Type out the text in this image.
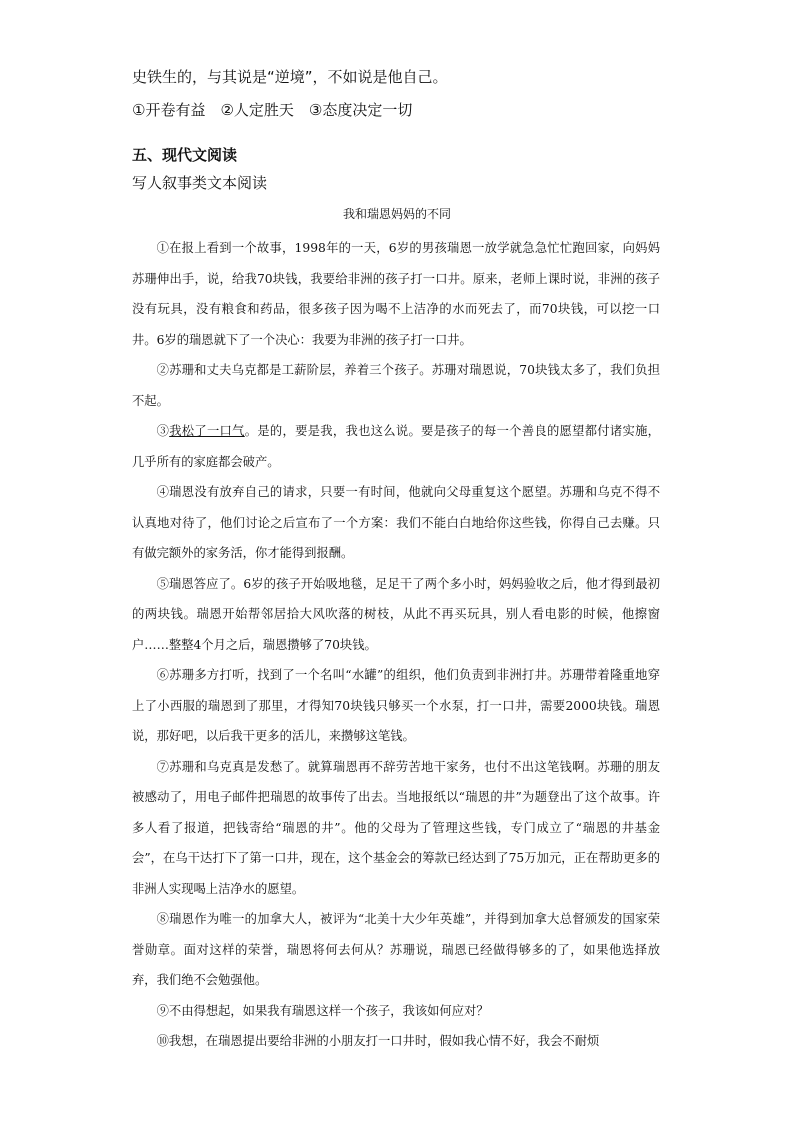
史铁生的，与其说是“逆境”，不如说是他自己。
①开卷有益　②人定胜天　③态度决定一切
五、现代文阅读
写人叙事类文本阅读
我和瑞恩妈妈的不同

①在报上看到一个故事，1998年的一天，6岁的男孩瑞恩一放学就急急忙忙跑回家，向妈妈苏珊伸出手，说，给我70块钱，我要给非洲的孩子打一口井。原来，老师上课时说，非洲的孩子没有玩具，没有粮食和药品，很多孩子因为喝不上洁净的水而死去了，而70块钱，可以挖一口井。6岁的瑞恩就下了一个决心：我要为非洲的孩子打一口井。

②苏珊和丈夫乌克都是工薪阶层，养着三个孩子。苏珊对瑞恩说，70块钱太多了，我们负担不起。

③我松了一口气。是的，要是我，我也这么说。要是孩子的每一个善良的愿望都付诸实施，几乎所有的家庭都会破产。

④瑞恩没有放弃自己的请求，只要一有时间，他就向父母重复这个愿望。苏珊和乌克不得不认真地对待了，他们讨论之后宣布了一个方案：我们不能白白地给你这些钱，你得自己去赚。只有做完额外的家务活，你才能得到报酬。

⑤瑞恩答应了。6岁的孩子开始吸地毯，足足干了两个多小时，妈妈验收之后，他才得到最初的两块钱。瑞恩开始帮邻居拾大风吹落的树枝，从此不再买玩具，别人看电影的时候，他擦窗户……整整4个月之后，瑞恩攒够了70块钱。

⑥苏珊多方打听，找到了一个名叫“水罐”的组织，他们负责到非洲打井。苏珊带着隆重地穿上了小西服的瑞恩到了那里，才得知70块钱只够买一个水泵，打一口井，需要2000块钱。瑞恩说，那好吧，以后我干更多的活儿，来攒够这笔钱。

⑦苏珊和乌克真是发愁了。就算瑞恩再不辞劳苦地干家务，也付不出这笔钱啊。苏珊的朋友被感动了，用电子邮件把瑞恩的故事传了出去。当地报纸以“瑞恩的井”为题登出了这个故事。许多人看了报道，把钱寄给“瑞恩的井”。他的父母为了管理这些钱，专门成立了“瑞恩的井基金会”，在乌干达打下了第一口井，现在，这个基金会的筹款已经达到了75万加元，正在帮助更多的非洲人实现喝上洁净水的愿望。

⑧瑞恩作为唯一的加拿大人，被评为“北美十大少年英雄”，并得到加拿大总督颁发的国家荣誉勋章。面对这样的荣誉，瑞恩将何去何从？苏珊说，瑞恩已经做得够多的了，如果他选择放弃，我们绝不会勉强他。

⑨不由得想起，如果我有瑞恩这样一个孩子，我该如何应对？

⑩我想，在瑞恩提出要给非洲的小朋友打一口井时，假如我心情不好，我会不耐烦
